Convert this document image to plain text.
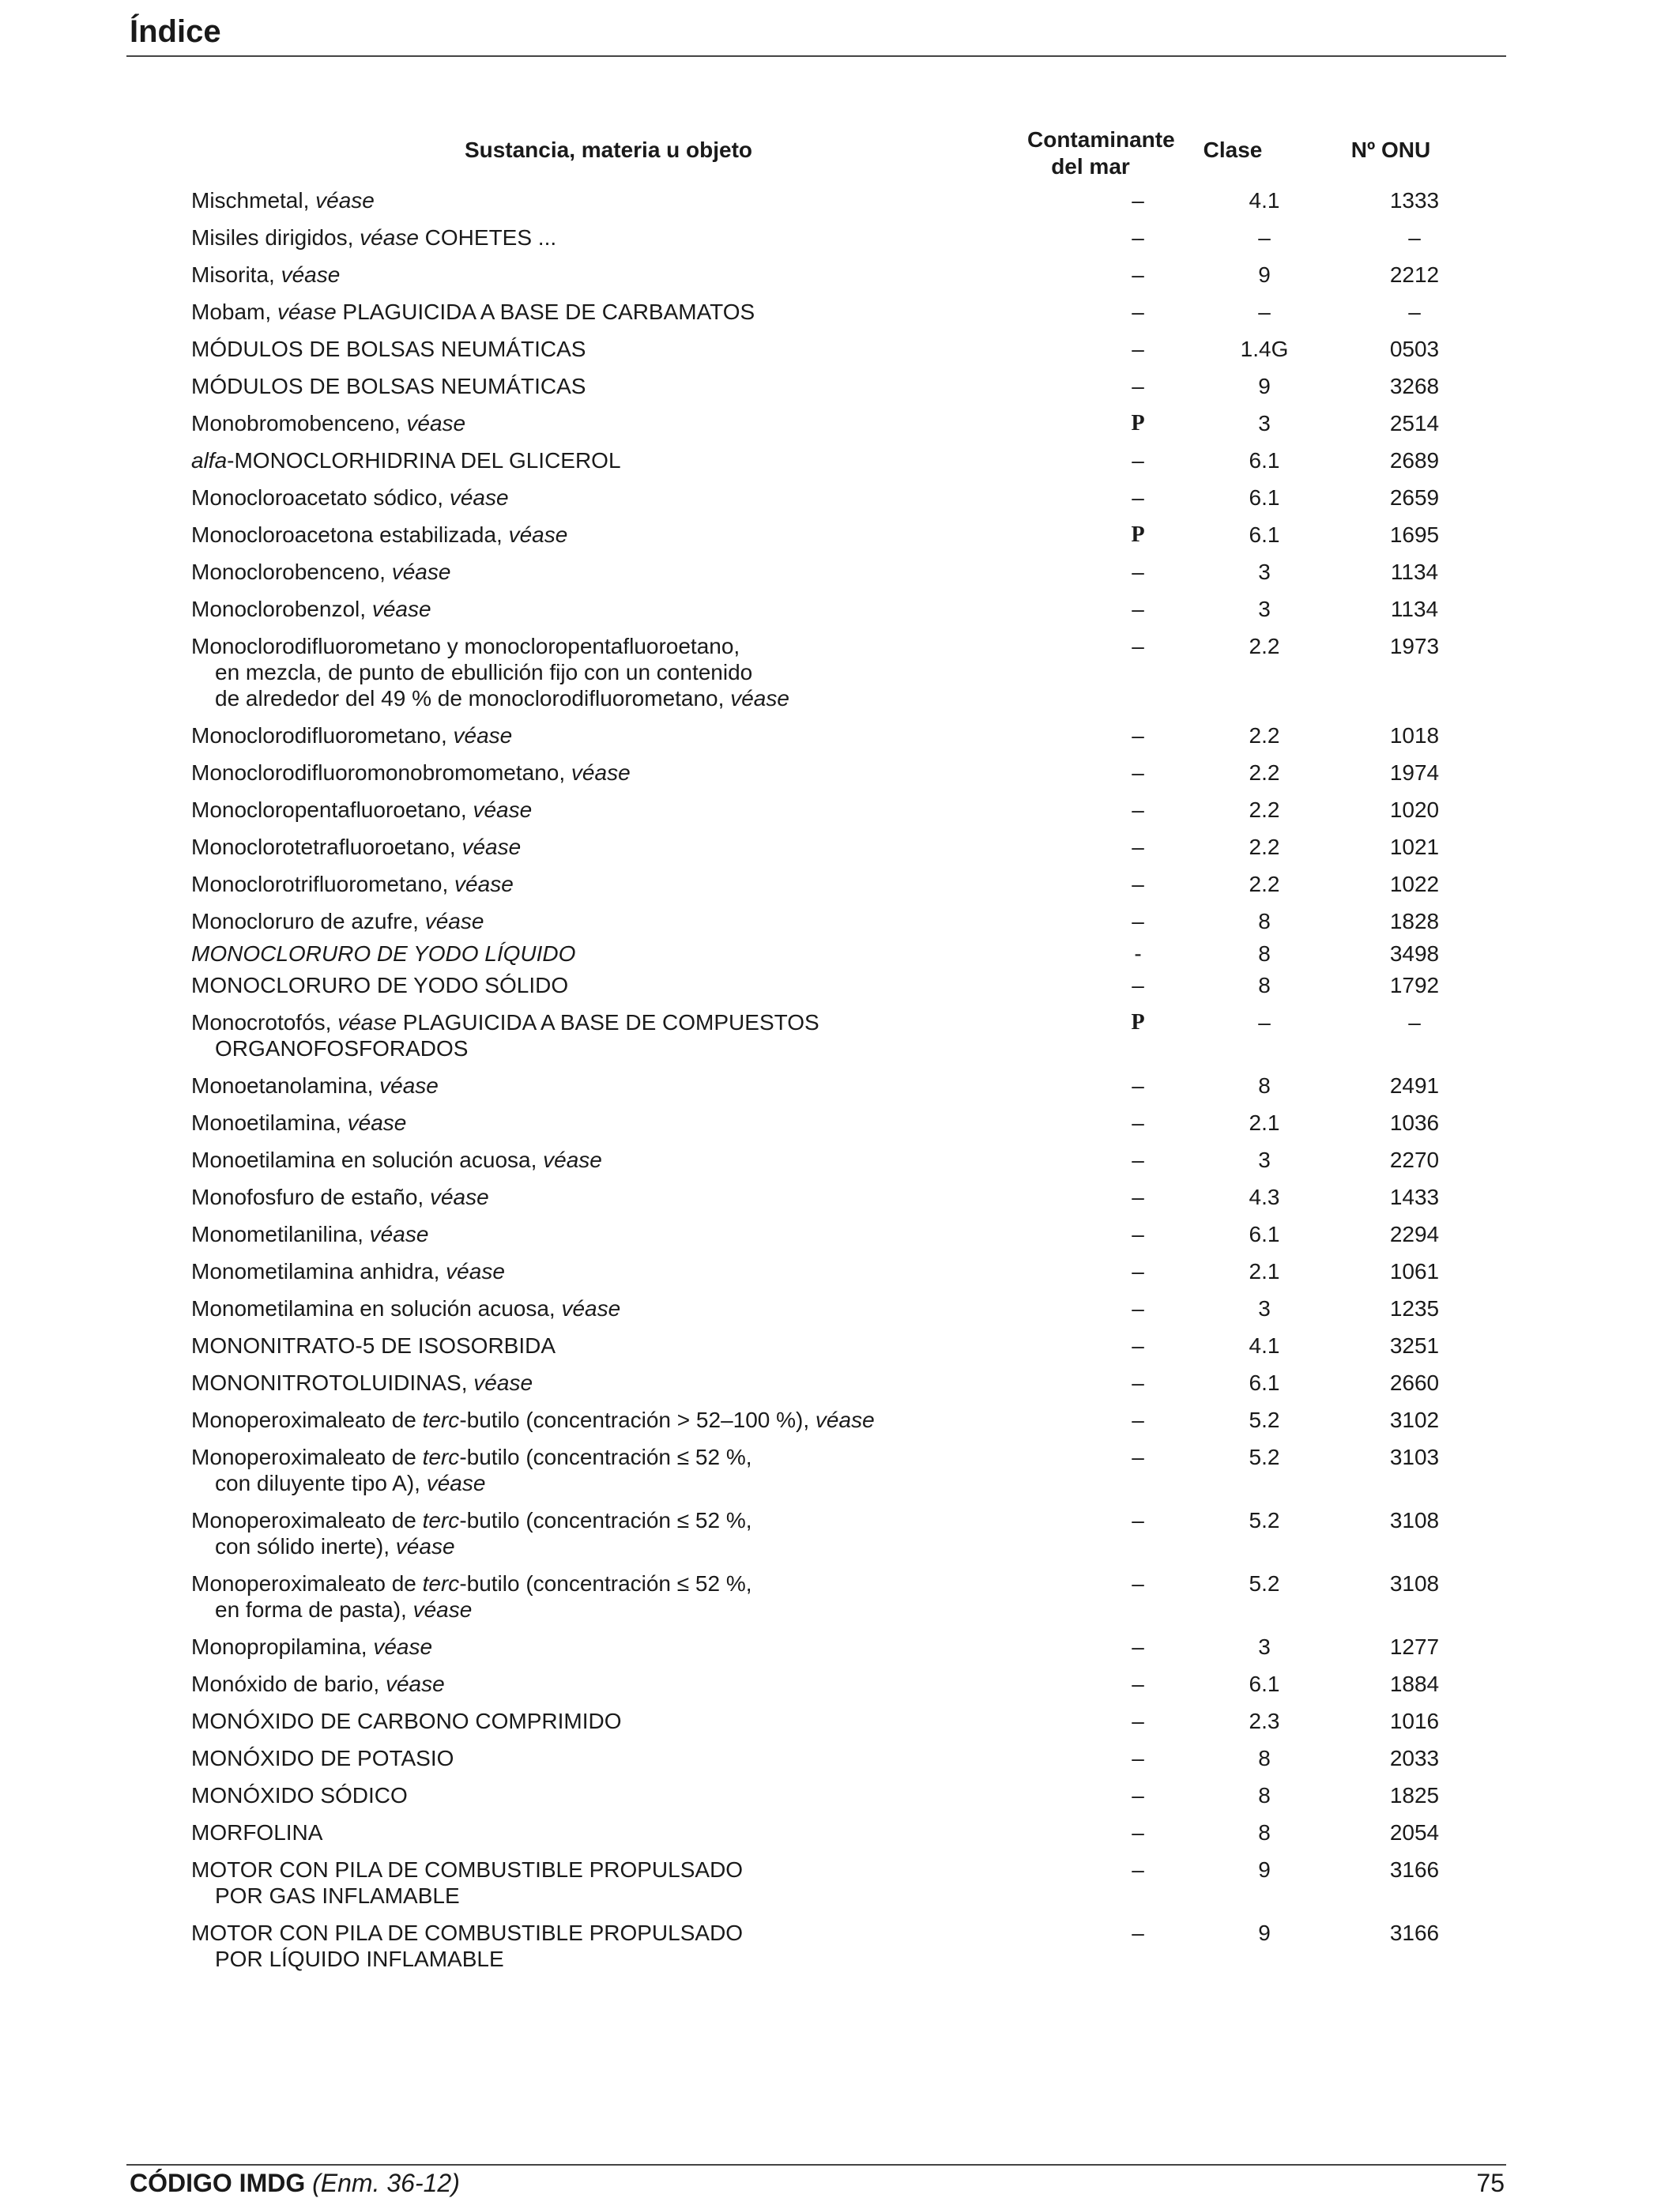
Índice
Sustancia, materia u objeto	Contaminante
del mar
Clase	Nº ONU
Mischmetal, véase	–	4.1	1333
Misiles dirigidos, véase COHETES ...	–	–	–
Misorita, véase	–	9	2212
Mobam, véase PLAGUICIDA A BASE DE CARBAMATOS	–	–	–
MÓDULOS DE BOLSAS NEUMÁTICAS	–	1.4G	0503
MÓDULOS DE BOLSAS NEUMÁTICAS	–	9	3268
Monobromobenceno, véase	P	3	2514
alfa-MONOCLORHIDRINA DEL GLICEROL	–	6.1	2689
Monocloroacetato sódico, véase	–	6.1	2659
Monocloroacetona estabilizada, véase	P	6.1	1695
Monoclorobenceno, véase	–	3	1134
Monoclorobenzol, véase	–	3	1134
Monoclorodifluorometano y monocloropentafluoroetano,
en mezcla, de punto de ebullición fijo con un contenido
de alrededor del 49 % de monoclorodifluorometano, véase
–	2.2	1973
Monoclorodifluorometano, véase	–	2.2	1018
Monoclorodifluoromonobromometano, véase	–	2.2	1974
Monocloropentafluoroetano, véase	–	2.2	1020
Monoclorotetrafluoroetano, véase	–	2.2	1021
Monoclorotrifluorometano, véase	–	2.2	1022
Monocloruro de azufre, véase	–	8	1828
MONOCLORURO DE YODO LÍQUIDO	-	8	3498
MONOCLORURO DE YODO SÓLIDO	–	8	1792
Monocrotofós, véase PLAGUICIDA A BASE DE COMPUESTOS
ORGANOFOSFORADOS
P	–	–
Monoetanolamina, véase	–	8	2491
Monoetilamina, véase	–	2.1	1036
Monoetilamina en solución acuosa, véase	–	3	2270
Monofosfuro de estaño, véase	–	4.3	1433
Monometilanilina, véase	–	6.1	2294
Monometilamina anhidra, véase	–	2.1	1061
Monometilamina en solución acuosa, véase	–	3	1235
MONONITRATO-5 DE ISOSORBIDA	–	4.1	3251
MONONITROTOLUIDINAS, véase	–	6.1	2660
Monoperoximaleato de terc-butilo (concentración > 52–100 %), véase	–	5.2	3102
Monoperoximaleato de terc-butilo (concentración ≤ 52 %,
con diluyente tipo A), véase
–	5.2	3103
Monoperoximaleato de terc-butilo (concentración ≤ 52 %,
con sólido inerte), véase
–	5.2	3108
Monoperoximaleato de terc-butilo (concentración ≤ 52 %,
en forma de pasta), véase
–	5.2	3108
Monopropilamina, véase	–	3	1277
Monóxido de bario, véase	–	6.1	1884
MONÓXIDO DE CARBONO COMPRIMIDO	–	2.3	1016
MONÓXIDO DE POTASIO	–	8	2033
MONÓXIDO SÓDICO	–	8	1825
MORFOLINA	–	8	2054
MOTOR CON PILA DE COMBUSTIBLE PROPULSADO
POR GAS INFLAMABLE
–	9	3166
MOTOR CON PILA DE COMBUSTIBLE PROPULSADO
POR LÍQUIDO INFLAMABLE
–	9	3166
CÓDIGO IMDG (Enm. 36-12)	75
